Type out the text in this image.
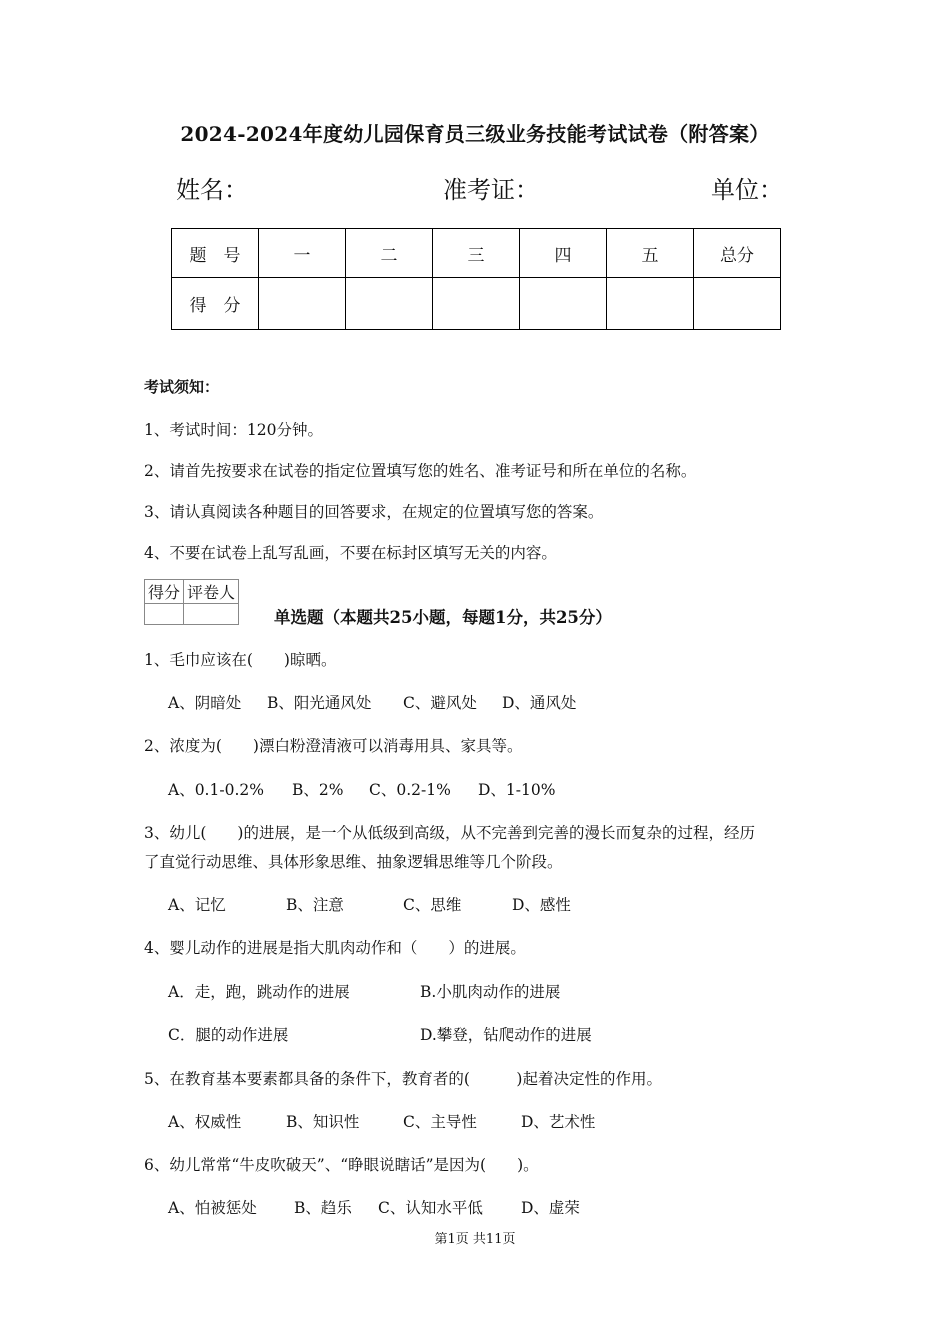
2024-2024年度幼儿园保育员三级业务技能考试试卷（附答案）
姓名：	准考证：	单位：
题　号	一	二	三	四	五	总分
得　分						
考试须知：
1、考试时间：120分钟。
2、请首先按要求在试卷的指定位置填写您的姓名、准考证号和所在单位的名称。
3、请认真阅读各种题目的回答要求，在规定的位置填写您的答案。
4、不要在试卷上乱写乱画，不要在标封区填写无关的内容。
得分	评卷人

单选题（本题共25小题，每题1分，共25分）
1、毛巾应该在(　　)晾晒。
A、阴暗处 B、阳光通风处 C、避风处 D、通风处
2、浓度为(　　)漂白粉澄清液可以消毒用具、家具等。
A、0.1-0.2% B、2% C、0.2-1% D、1-10%
3、幼儿(　　)的进展，是一个从低级到高级，从不完善到完善的漫长而复杂的过程，经历
了直觉行动思维、具体形象思维、抽象逻辑思维等几个阶段。
A、记忆	B、注意	C、思维	D、感性
4、婴儿动作的进展是指大肌肉动作和（　　）的进展。
A．走，跑，跳动作的进展	B.小肌肉动作的进展
C．腿的动作进展	D.攀登，钻爬动作的进展
5、在教育基本要素都具备的条件下，教育者的(　　　)起着决定性的作用。
A、权威性	B、知识性	C、主导性	D、艺术性
6、幼儿常常“牛皮吹破天”、“睁眼说瞎话”是因为(　　)。
A、怕被惩处 B、趋乐 C、认知水平低 D、虚荣
第1页 共11页
